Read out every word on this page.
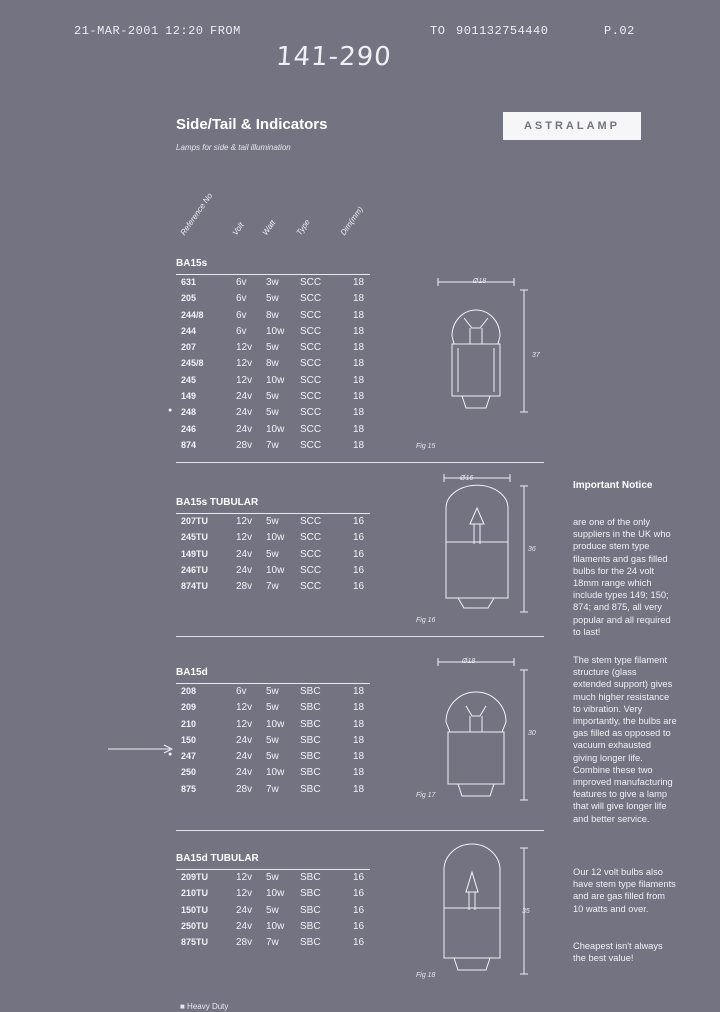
21-MAR-2001 12:20 FROM	TO 901132754440	P.02
141-290
Side/Tail & Indicators
Lamps for side & tail illumination
ASTRALAMP
Reference No Volt Watt Type	Dim(mm)
BA15s
631	6v 3w SCC	18
205	6v 5w SCC	18
244/8	6v 8w SCC	18
244	6v 10w SCC	18
207	12v 5w SCC	18
245/8	12v 8w SCC	18
245	12v 10w SCC	18
149	24v 5w SCC	18
● 248	24v 5w SCC	18
246	24v 10w SCC	18
874	28v 7w SCC	18
BA15s TUBULAR
207TU	12v 5w SCC	16
245TU	12v 10w SCC	16
149TU	24v 5w SCC	16
246TU	24v 10w SCC	16
874TU	28v 7w SCC	16
BA15d
208	6v 5w SBC	18
209	12v 5w SBC	18
210	12v 10w SBC	18
150	24v 5w SBC	18
● 247	24v 5w SBC	18
250	24v 10w SBC	18
875	28v 7w SBC	18
BA15d TUBULAR
209TU	12v 5w SBC	16
210TU	12v 10w SBC	16
150TU	24v 5w SBC	16
250TU	24v 10w SBC	16
875TU	28v 7w SBC	16
Ø18
37
Fig 15
Ø16
36
Fig 16
Ø18
30
Fig 17
35
Fig 18
Important Notice
are one of the only suppliers in the UK who produce stem type filaments and gas filled bulbs for the 24 volt 18mm range which include types 149; 150; 874; and 875, all very popular and all required to last!
The stem type filament structure (glass extended support) gives much higher resistance to vibration. Very importantly, the bulbs are gas filled as opposed to vacuum exhausted giving longer life. Combine these two improved manufacturing features to give a lamp that will give longer life and better service.
Our 12 volt bulbs also have stem type filaments and are gas filled from 10 watts and over.
Cheapest isn't always the best value!
■ Heavy Duty
